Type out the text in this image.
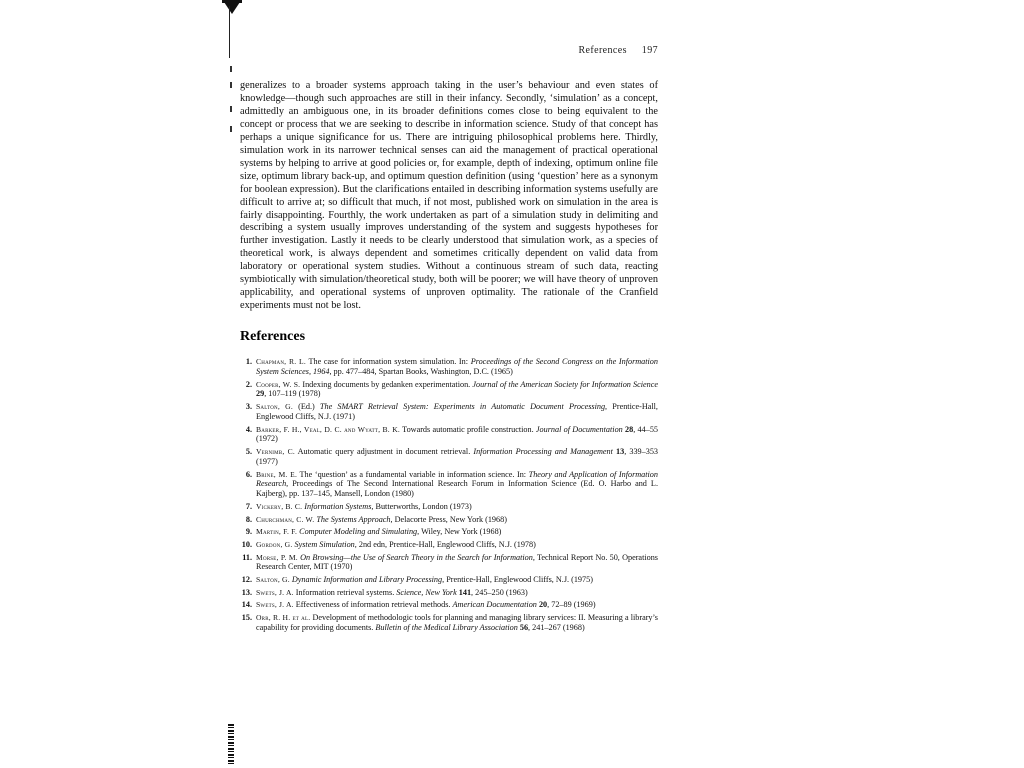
References 197

generalizes to a broader systems approach taking in the user’s behaviour and even states of knowledge—though such approaches are still in their infancy. Secondly, ‘simulation’ as a concept, admittedly an ambiguous one, in its broader definitions comes close to being equivalent to the concept or process that we are seeking to describe in information science. Study of that concept has perhaps a unique significance for us. There are intriguing philosophical problems here. Thirdly, simulation work in its narrower technical senses can aid the management of practical operational systems by helping to arrive at good policies or, for example, depth of indexing, optimum online file size, optimum library back-up, and optimum question definition (using ‘question’ here as a synonym for boolean expression). But the clarifications entailed in describing information systems usefully are difficult to arrive at; so difficult that much, if not most, published work on simulation in the area is fairly disappointing. Fourthly, the work undertaken as part of a simulation study in delimiting and describing a system usually improves understanding of the system and suggests hypotheses for further investigation. Lastly it needs to be clearly understood that simulation work, as a species of theoretical work, is always dependent and sometimes critically dependent on valid data from laboratory or operational system studies. Without a continuous stream of such data, reacting symbiotically with simulation/theoretical study, both will be poorer; we will have theory of unproven applicability, and operational systems of unproven optimality. The rationale of the Cranfield experiments must not be lost.

References
1. Chapman, R. L. The case for information system simulation. In: Proceedings of the Second Congress on the Information System Sciences, 1964, pp. 477–484, Spartan Books, Washington, D.C. (1965)
2. Cooper, W. S. Indexing documents by gedanken experimentation. Journal of the American Society for Information Science 29, 107–119 (1978)
3. Salton, G. (Ed.) The SMART Retrieval System: Experiments in Automatic Document Processing, Prentice-Hall, Englewood Cliffs, N.J. (1971)
4. Barker, F. H., Veal, D. C. and Wyatt, B. K. Towards automatic profile construction. Journal of Documentation 28, 44–55 (1972)
5. Vernimb, C. Automatic query adjustment in document retrieval. Information Processing and Management 13, 339–353 (1977)
6. Brine, M. E. The ‘question’ as a fundamental variable in information science. In: Theory and Application of Information Research, Proceedings of The Second International Research Forum in Information Science (Ed. O. Harbo and L. Kajberg), pp. 137–145, Mansell, London (1980)
7. Vickery, B. C. Information Systems, Butterworths, London (1973)
8. Churchman, C. W. The Systems Approach, Delacorte Press, New York (1968)
9. Martin, F. F. Computer Modeling and Simulating, Wiley, New York (1968)
10. Gordon, G. System Simulation, 2nd edn, Prentice-Hall, Englewood Cliffs, N.J. (1978)
11. Morse, P. M. On Browsing—the Use of Search Theory in the Search for Information, Technical Report No. 50, Operations Research Center, MIT (1970)
12. Salton, G. Dynamic Information and Library Processing, Prentice-Hall, Englewood Cliffs, N.J. (1975)
13. Swets, J. A. Information retrieval systems. Science, New York 141, 245–250 (1963)
14. Swets, J. A. Effectiveness of information retrieval methods. American Documentation 20, 72–89 (1969)
15. Orr, R. H. et al. Development of methodologic tools for planning and managing library services: II. Measuring a library’s capability for providing documents. Bulletin of the Medical Library Association 56, 241–267 (1968)
